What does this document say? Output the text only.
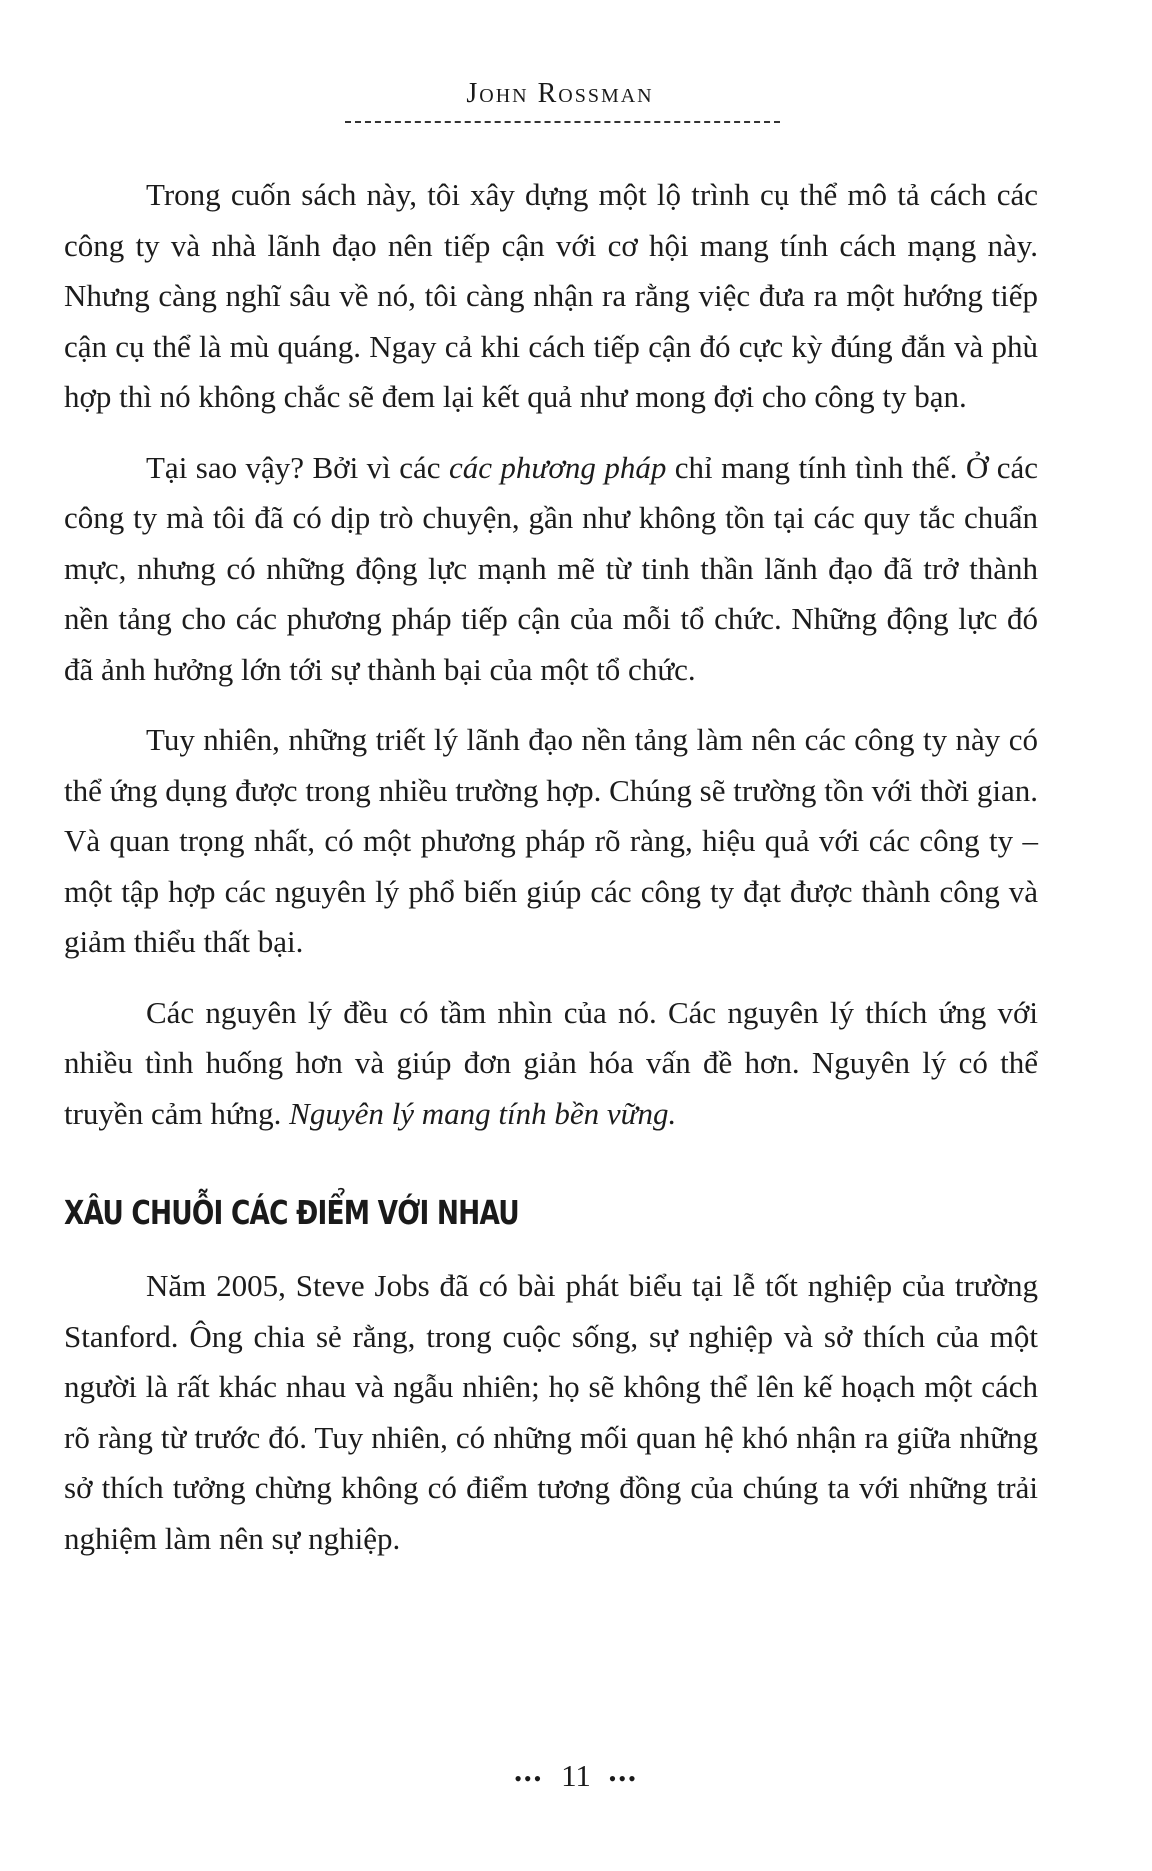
John Rossman

Trong cuốn sách này, tôi xây dựng một lộ trình cụ thể mô tả cách các công ty và nhà lãnh đạo nên tiếp cận với cơ hội mang tính cách mạng này. Nhưng càng nghĩ sâu về nó, tôi càng nhận ra rằng việc đưa ra một hướng tiếp cận cụ thể là mù quáng. Ngay cả khi cách tiếp cận đó cực kỳ đúng đắn và phù hợp thì nó không chắc sẽ đem lại kết quả như mong đợi cho công ty bạn.

Tại sao vậy? Bởi vì các các phương pháp chỉ mang tính tình thế. Ở các công ty mà tôi đã có dịp trò chuyện, gần như không tồn tại các quy tắc chuẩn mực, nhưng có những động lực mạnh mẽ từ tinh thần lãnh đạo đã trở thành nền tảng cho các phương pháp tiếp cận của mỗi tổ chức. Những động lực đó đã ảnh hưởng lớn tới sự thành bại của một tổ chức.

Tuy nhiên, những triết lý lãnh đạo nền tảng làm nên các công ty này có thể ứng dụng được trong nhiều trường hợp. Chúng sẽ trường tồn với thời gian. Và quan trọng nhất, có một phương pháp rõ ràng, hiệu quả với các công ty – một tập hợp các nguyên lý phổ biến giúp các công ty đạt được thành công và giảm thiểu thất bại.

Các nguyên lý đều có tầm nhìn của nó. Các nguyên lý thích ứng với nhiều tình huống hơn và giúp đơn giản hóa vấn đề hơn. Nguyên lý có thể truyền cảm hứng. Nguyên lý mang tính bền vững.

XÂU CHUỖI CÁC ĐIỂM VỚI NHAU

Năm 2005, Steve Jobs đã có bài phát biểu tại lễ tốt nghiệp của trường Stanford. Ông chia sẻ rằng, trong cuộc sống, sự nghiệp và sở thích của một người là rất khác nhau và ngẫu nhiên; họ sẽ không thể lên kế hoạch một cách rõ ràng từ trước đó. Tuy nhiên, có những mối quan hệ khó nhận ra giữa những sở thích tưởng chừng không có điểm tương đồng của chúng ta với những trải nghiệm làm nên sự nghiệp.

••• 11 •••
